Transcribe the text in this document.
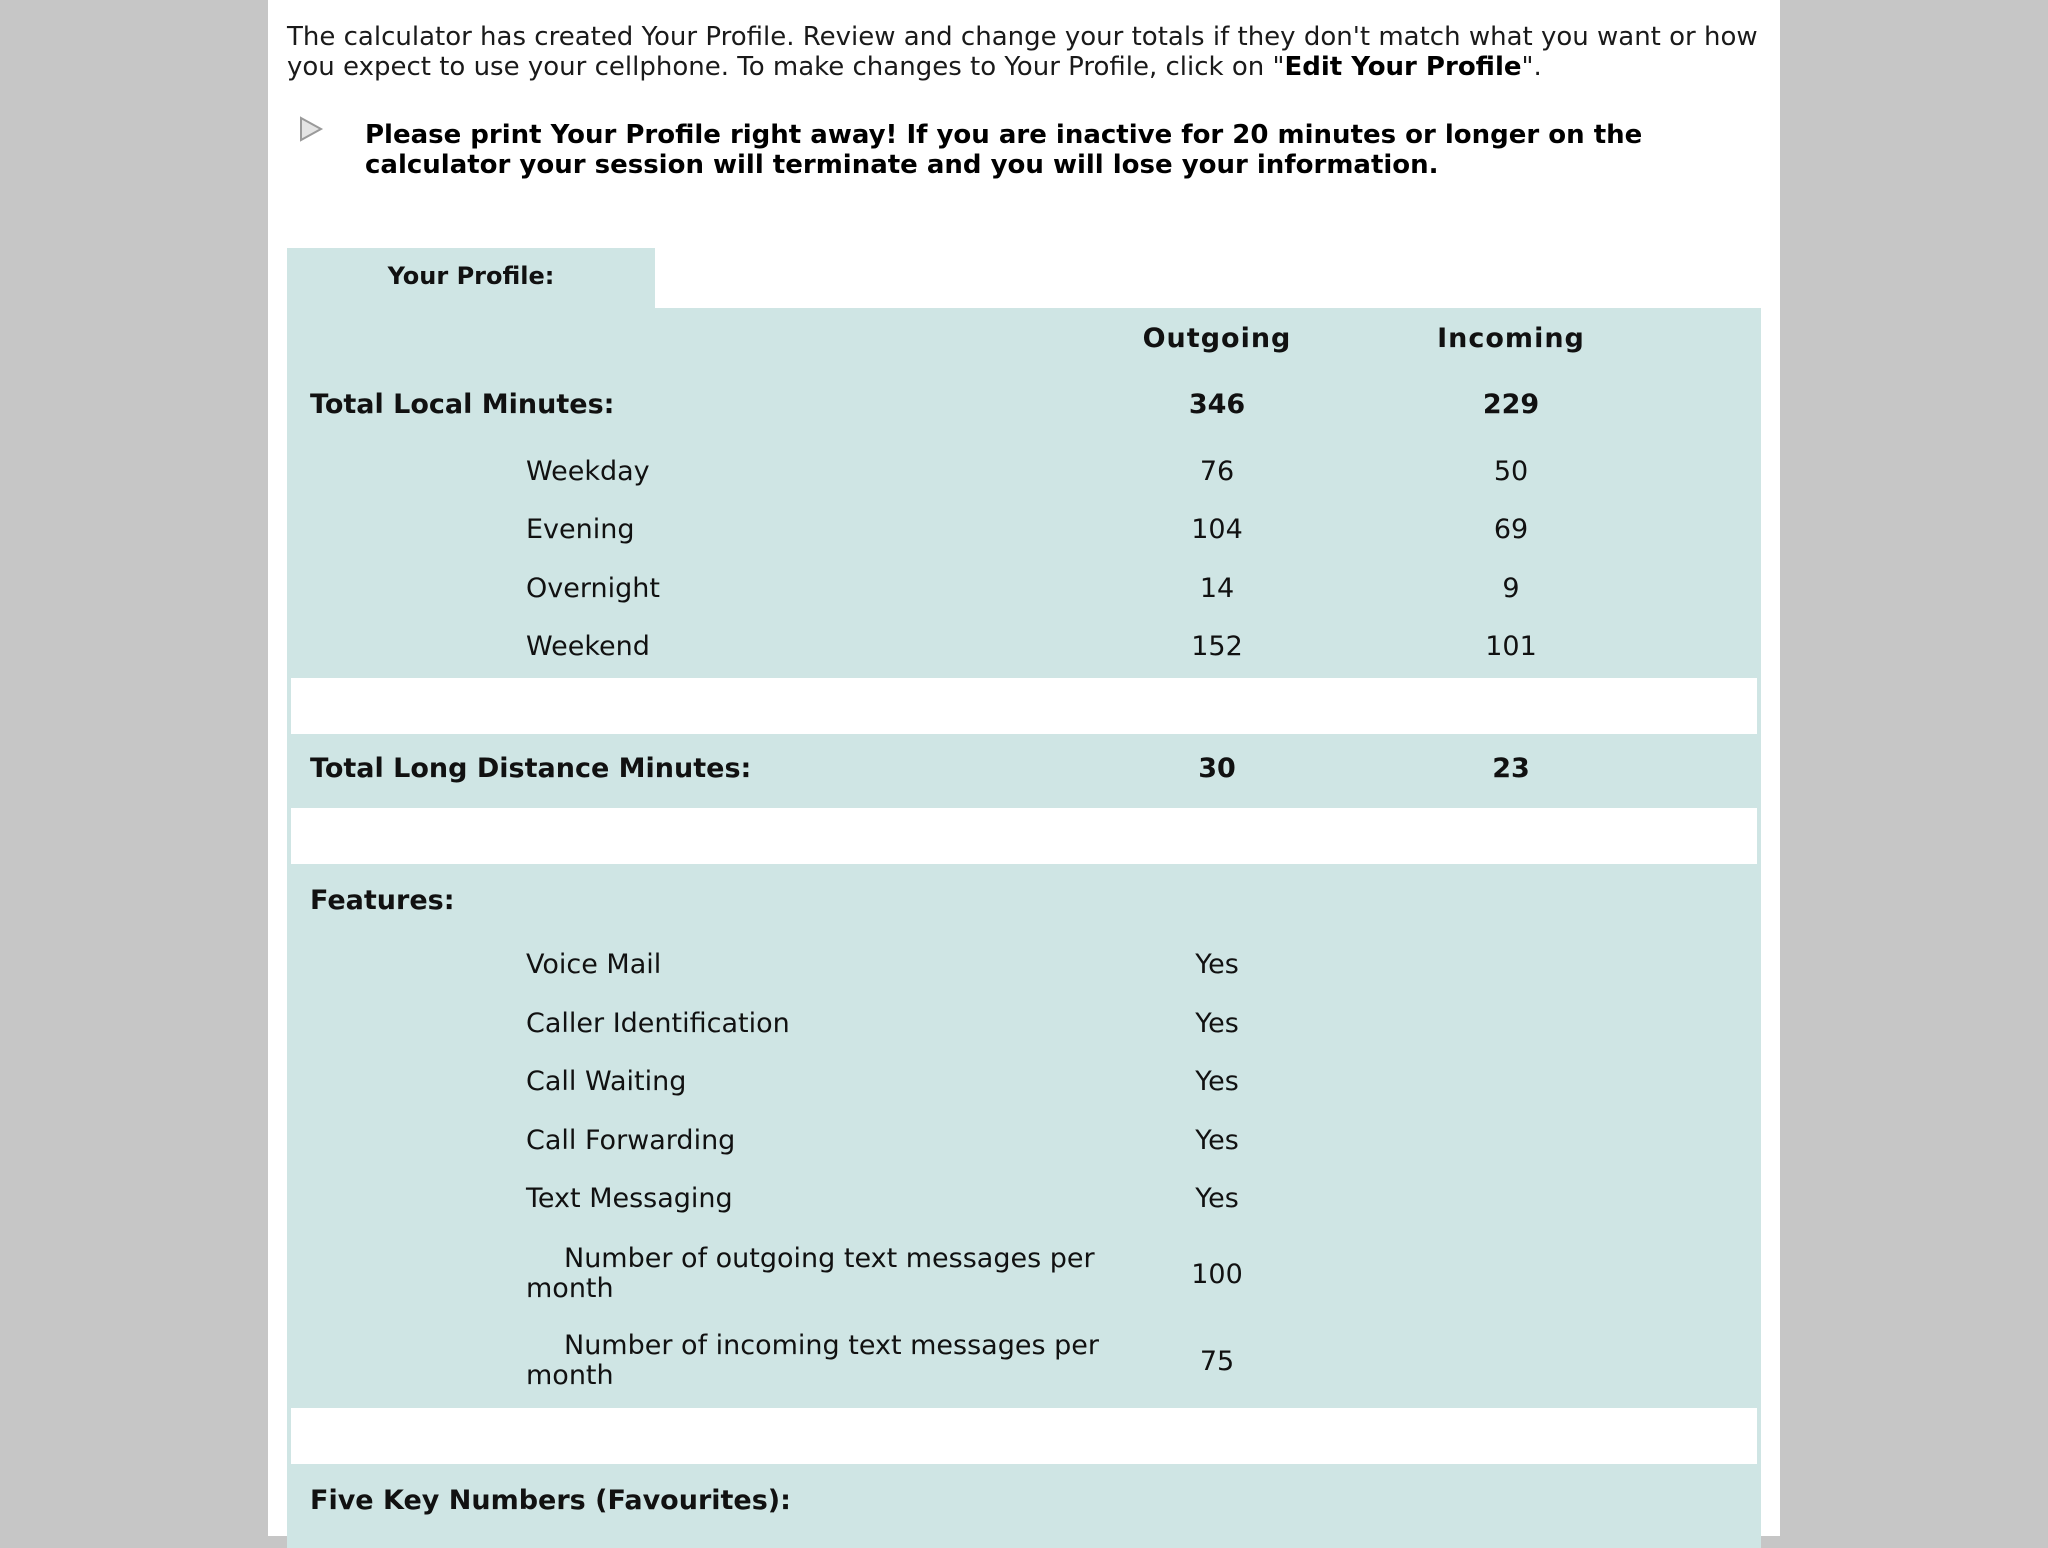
The calculator has created Your Profile. Review and change your totals if they don't match what you want or how you expect to use your cellphone. To make changes to Your Profile, click on "Edit Your Profile".
Please print Your Profile right away! If you are inactive for 20 minutes or longer on the calculator your session will terminate and you will lose your information.
Your Profile:
Outgoing	Incoming
Total Local Minutes:	346	229
Weekday	76	50
Evening	104	69
Overnight	14	9
Weekend	152	101
Total Long Distance Minutes:	30	23
Features:
Voice Mail	Yes
Caller Identification	Yes
Call Waiting	Yes
Call Forwarding	Yes
Text Messaging	Yes
Number of outgoing text messages per month	100
Number of incoming text messages per month	75
Five Key Numbers (Favourites):
